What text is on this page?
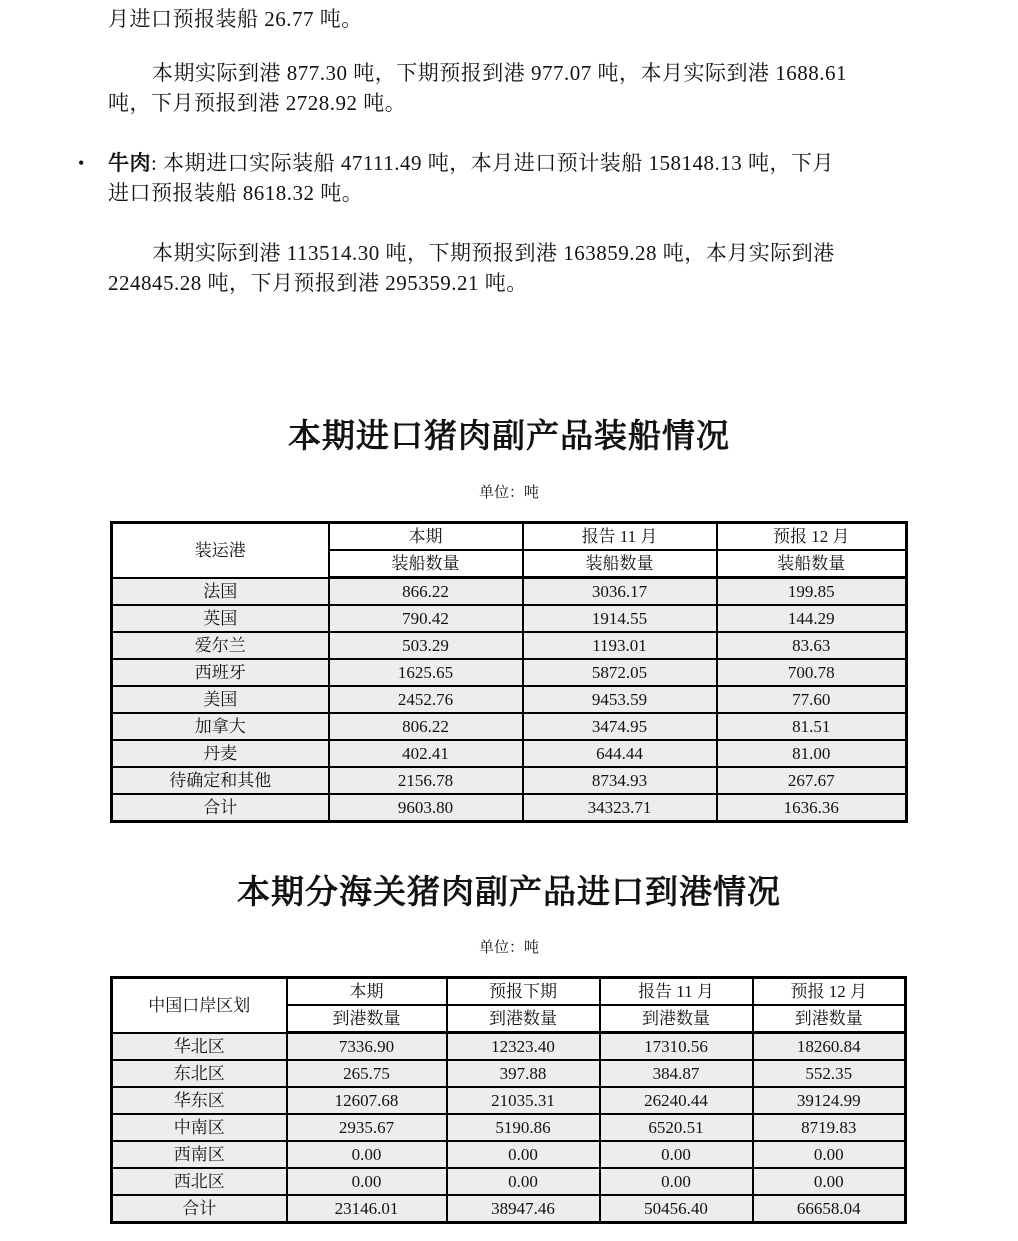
月进口预报装船 26.77 吨。
本期实际到港 877.30 吨，下期预报到港 977.07 吨，本月实际到港 1688.61
吨，下月预报到港 2728.92 吨。
• 牛肉: 本期进口实际装船 47111.49 吨，本月进口预计装船 158148.13 吨，下月
进口预报装船 8618.32 吨。
本期实际到港 113514.30 吨，下期预报到港 163859.28 吨，本月实际到港
224845.28 吨，下月预报到港 295359.21 吨。
本期进口猪肉副产品装船情况
单位：吨
装运港	本期	报告 11 月	预报 12 月
	装船数量	装船数量	装船数量
法国	866.22	3036.17	199.85
英国	790.42	1914.55	144.29
爱尔兰	503.29	1193.01	83.63
西班牙	1625.65	5872.05	700.78
美国	2452.76	9453.59	77.60
加拿大	806.22	3474.95	81.51
丹麦	402.41	644.44	81.00
待确定和其他	2156.78	8734.93	267.67
合计	9603.80	34323.71	1636.36
本期分海关猪肉副产品进口到港情况
单位：吨
中国口岸区划	本期	预报下期	报告 11 月	预报 12 月
	到港数量	到港数量	到港数量	到港数量
华北区	7336.90	12323.40	17310.56	18260.84
东北区	265.75	397.88	384.87	552.35
华东区	12607.68	21035.31	26240.44	39124.99
中南区	2935.67	5190.86	6520.51	8719.83
西南区	0.00	0.00	0.00	0.00
西北区	0.00	0.00	0.00	0.00
合计	23146.01	38947.46	50456.40	66658.04
